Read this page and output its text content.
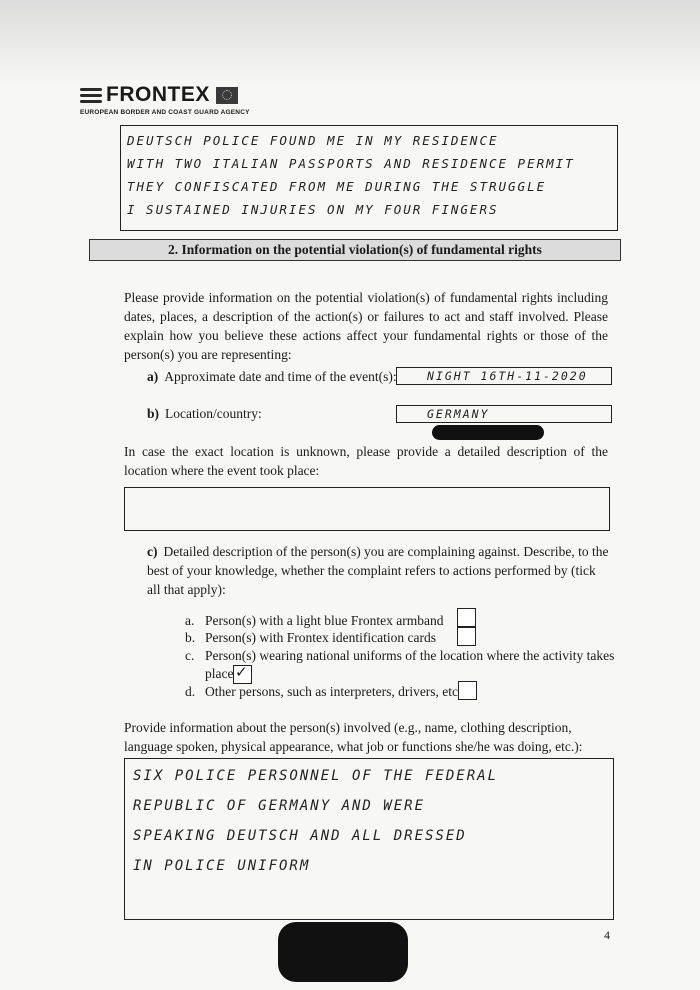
FRONTEX
EUROPEAN BORDER AND COAST GUARD AGENCY
DEUTSCH POLICE FOUND ME IN MY RESIDENCE
WITH TWO ITALIAN PASSPORTS AND RESIDENCE PERMIT
THEY CONFISCATED FROM ME DURING THE STRUGGLE
I SUSTAINED INJURIES ON MY FOUR FINGERS
2. Information on the potential violation(s) of fundamental rights
Please provide information on the potential violation(s) of fundamental rights including dates, places, a description of the action(s) or failures to act and staff involved. Please explain how you believe these actions affect your fundamental rights or those of the person(s) you are representing:
a) Approximate date and time of the event(s):	NIGHT 16TH-11-2020
b) Location/country:	GERMANY
In case the exact location is unknown, please provide a detailed description of the location where the event took place:
c) Detailed description of the person(s) you are complaining against. Describe, to the best of your knowledge, whether the complaint refers to actions performed by (tick all that apply):
a. Person(s) with a light blue Frontex armband
b. Person(s) with Frontex identification cards
c. Person(s) wearing national uniforms of the location where the activity takes
place ✓
d. Other persons, such as interpreters, drivers, etc
Provide information about the person(s) involved (e.g., name, clothing description, language spoken, physical appearance, what job or functions she/he was doing, etc.):
SIX POLICE PERSONNEL OF THE FEDERAL
REPUBLIC OF GERMANY AND WERE
SPEAKING DEUTSCH AND ALL DRESSED
IN POLICE UNIFORM
4
